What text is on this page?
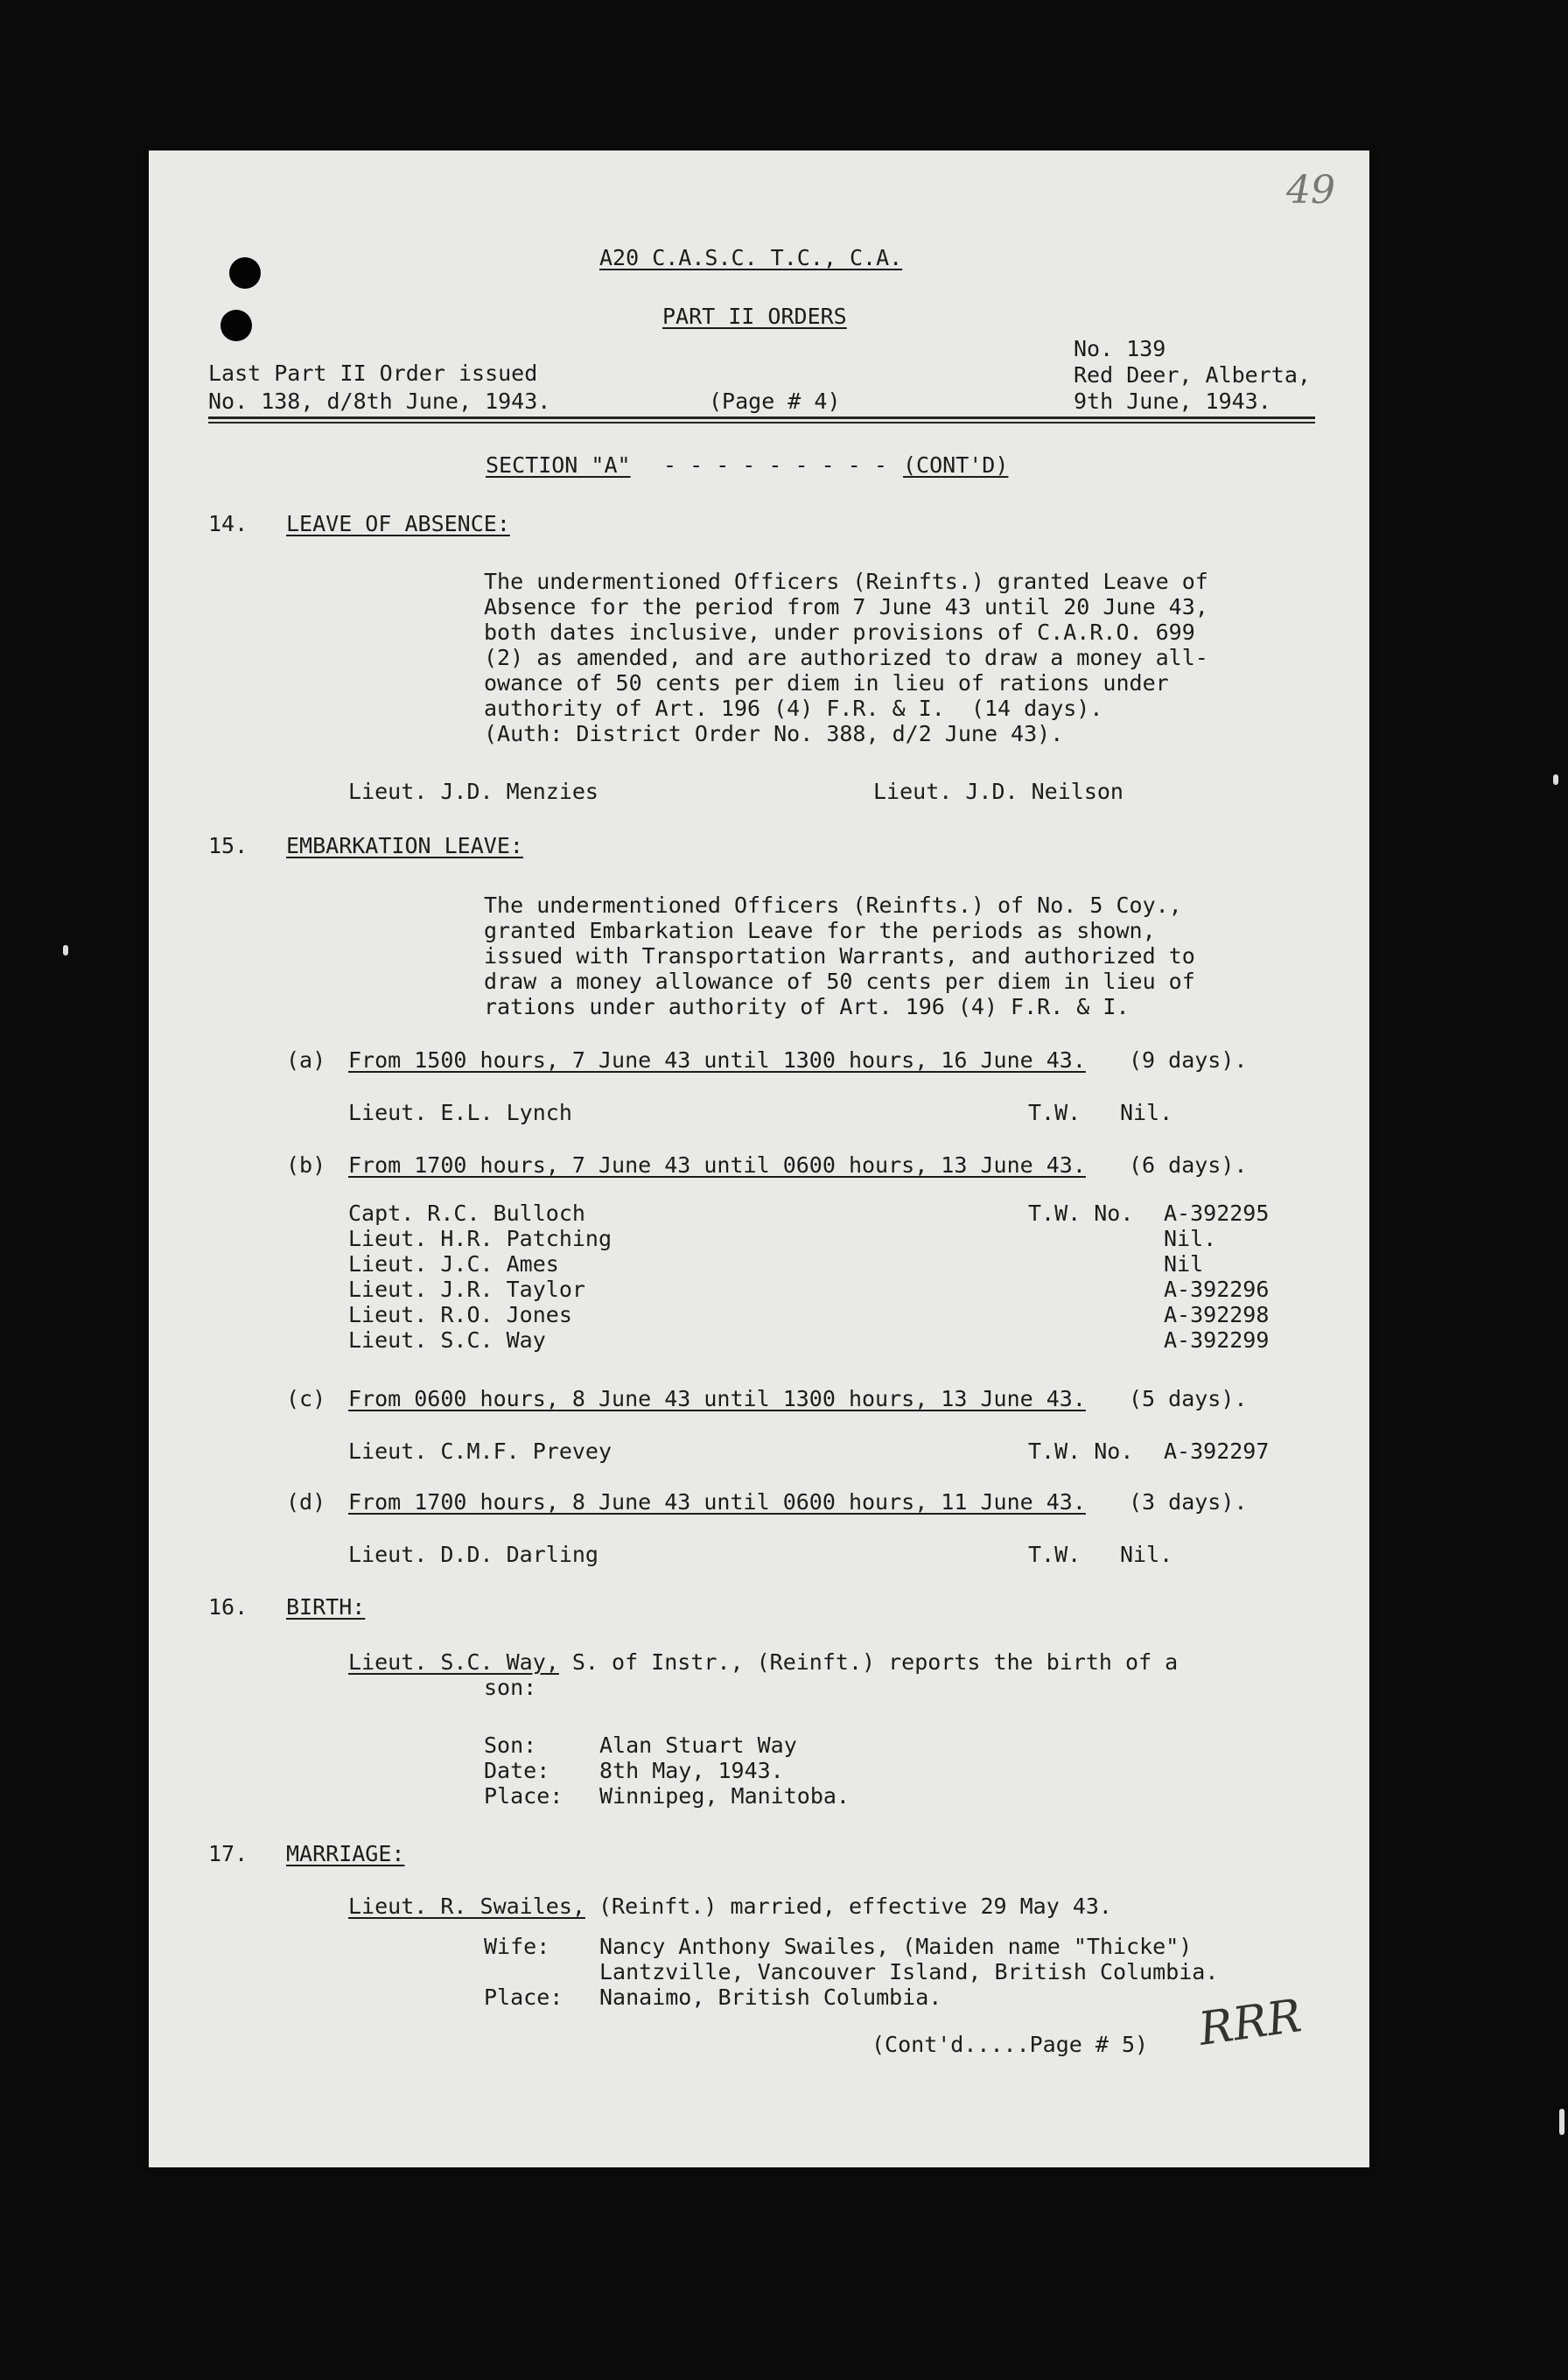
49
A20 C.A.S.C. T.C., C.A.
PART II ORDERS
Last Part II Order issued
No. 138, d/8th June, 1943.	(Page # 4)
No. 139
Red Deer, Alberta,
9th June, 1943.
SECTION "A" - - - - - - - - - (CONT'D)
14. LEAVE OF ABSENCE:
The undermentioned Officers (Reinfts.) granted Leave of
Absence for the period from 7 June 43 until 20 June 43,
both dates inclusive, under provisions of C.A.R.O. 699
(2) as amended, and are authorized to draw a money all-
owance of 50 cents per diem in lieu of rations under
authority of Art. 196 (4) F.R. & I.  (14 days).
(Auth: District Order No. 388, d/2 June 43).
Lieut. J.D. Menzies	Lieut. J.D. Neilson
15. EMBARKATION LEAVE:
The undermentioned Officers (Reinfts.) of No. 5 Coy.,
granted Embarkation Leave for the periods as shown,
issued with Transportation Warrants, and authorized to
draw a money allowance of 50 cents per diem in lieu of
rations under authority of Art. 196 (4) F.R. & I.
(a) From 1500 hours, 7 June 43 until 1300 hours, 16 June 43. (9 days).
Lieut. E.L. Lynch	T.W. Nil.
(b) From 1700 hours, 7 June 43 until 0600 hours, 13 June 43. (6 days).
T.W. No.
Capt. R.C. Bulloch	A-392295
Lieut. H.R. Patching	Nil.
Lieut. J.C. Ames	Nil
Lieut. J.R. Taylor	A-392296
Lieut. R.O. Jones	A-392298
Lieut. S.C. Way	A-392299
(c) From 0600 hours, 8 June 43 until 1300 hours, 13 June 43. (5 days).
Lieut. C.M.F. Prevey	T.W. No. A-392297
(d) From 1700 hours, 8 June 43 until 0600 hours, 11 June 43. (3 days).
Lieut. D.D. Darling	T.W. Nil.
16. BIRTH:
Lieut. S.C. Way, S. of Instr., (Reinft.) reports the birth of a
son:
Son:	Alan Stuart Way
Date: 8th May, 1943.
Place: Winnipeg, Manitoba.
17. MARRIAGE:
Lieut. R. Swailes, (Reinft.) married, effective 29 May 43.
Wife: Nancy Anthony Swailes, (Maiden name "Thicke")
Lantzville, Vancouver Island, British Columbia.
Place: Nanaimo, British Columbia.
(Cont'd.....Page # 5) RRR
